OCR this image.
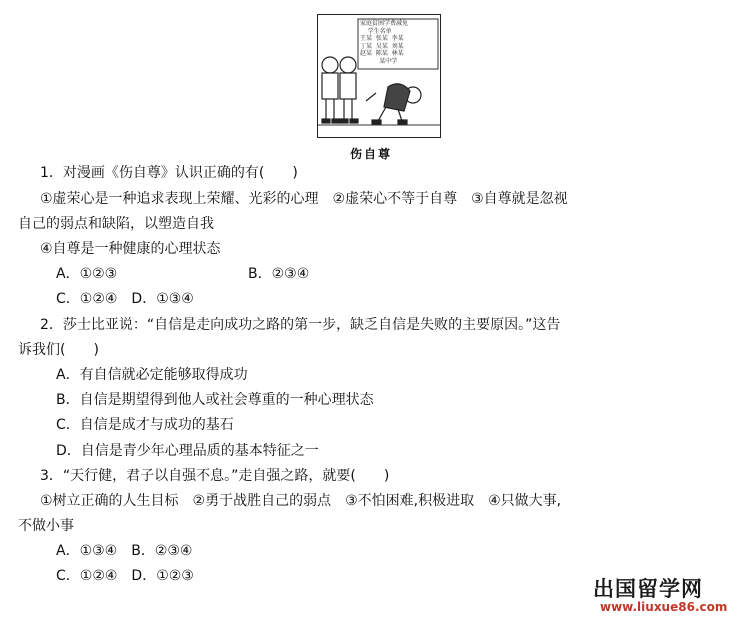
家庭贫困学费减免
学生名单
王某  张某  李某
丁某  吴某  刘某
赵某  陈某  林某
某中学
伤自尊
1．对漫画《伤自尊》认识正确的有(　　)
①虚荣心是一种追求表现上荣耀、光彩的心理　②虚荣心不等于自尊　③自尊就是忽视
自己的弱点和缺陷，以塑造自我
④自尊是一种健康的心理状态
A．①②③	B．②③④
C．①②④　D．①③④
2．莎士比亚说：“自信是走向成功之路的第一步，缺乏自信是失败的主要原因。”这告
诉我们(　　)
A．有自信就必定能够取得成功
B．自信是期望得到他人或社会尊重的一种心理状态
C．自信是成才与成功的基石
D．自信是青少年心理品质的基本特征之一
3．“天行健，君子以自强不息。”走自强之路，就要(　　)
①树立正确的人生目标　②勇于战胜自己的弱点　③不怕困难,积极进取　④只做大事,
不做小事
A．①③④　B．②③④
C．①②④　D．①②③
出国留学网
www.liuxue86.com
